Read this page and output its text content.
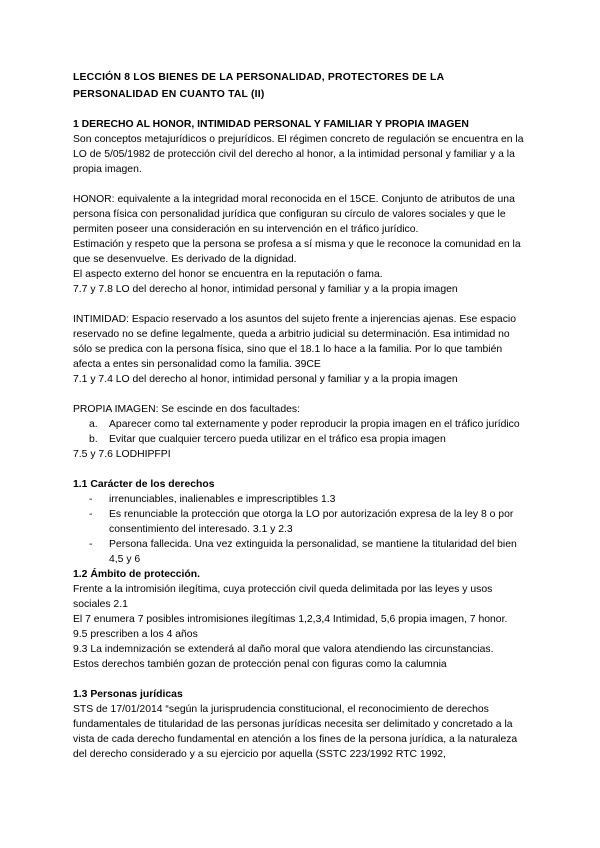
LECCIÓN 8 LOS BIENES DE LA PERSONALIDAD, PROTECTORES DE LA PERSONALIDAD EN CUANTO TAL (II)
1 DERECHO AL HONOR, INTIMIDAD PERSONAL Y FAMILIAR Y PROPIA IMAGEN

Son conceptos metajurídicos o prejurídicos. El régimen concreto de regulación se encuentra en la LO de 5/05/1982 de protección civil del derecho al honor, a la intimidad personal y familiar y a la propia imagen.

HONOR: equivalente a la integridad moral reconocida en el 15CE. Conjunto de atributos de una persona física con personalidad jurídica que configuran su círculo de valores sociales y que le permiten poseer una consideración en su intervención en el tráfico jurídico.

Estimación y respeto que la persona se profesa a sí misma y que le reconoce la comunidad en la que se desenvuelve. Es derivado de la dignidad.

El aspecto externo del honor se encuentra en la reputación o fama.

7.7 y 7.8 LO del derecho al honor, intimidad personal y familiar y a la propia imagen

INTIMIDAD: Espacio reservado a los asuntos del sujeto frente a injerencias ajenas. Ese espacio reservado no se define legalmente, queda a arbitrio judicial su determinación. Esa intimidad no sólo se predica con la persona física, sino que el 18.1 lo hace a la familia. Por lo que también afecta a entes sin personalidad como la familia. 39CE

7.1 y 7.4 LO del derecho al honor, intimidad personal y familiar y a la propia imagen

PROPIA IMAGEN: Se escinde en dos facultades:

a. Aparecer como tal externamente y poder reproducir la propia imagen en el tráfico jurídico
b. Evitar que cualquier tercero pueda utilizar en el tráfico esa propia imagen

7.5 y 7.6 LODHIPFPI

1.1 Carácter de los derechos
- irrenunciables, inalienables e imprescriptibles 1.3
- Es renunciable la protección que otorga la LO por autorización expresa de la ley 8 o por consentimiento del interesado. 3.1 y 2.3
- Persona fallecida. Una vez extinguida la personalidad, se mantiene la titularidad del bien 4,5 y 6
1.2 Ámbito de protección.

Frente a la intromisión ilegítima, cuya protección civil queda delimitada por las leyes y usos sociales 2.1

El 7 enumera 7 posibles intromisiones ilegítimas 1,2,3,4 Intimidad, 5,6 propia imagen, 7 honor.

9.5 prescriben a los 4 años

9.3 La indemnización se extenderá al daño moral que valora atendiendo las circunstancias.

Estos derechos también gozan de protección penal con figuras como la calumnia

1.3 Personas jurídicas

STS de 17/01/2014 “según la jurisprudencia constitucional, el reconocimiento de derechos fundamentales de titularidad de las personas jurídicas necesita ser delimitado y concretado a la vista de cada derecho fundamental en atención a los fines de la persona jurídica, a la naturaleza del derecho considerado y a su ejercicio por aquella (SSTC 223/1992 RTC 1992,
